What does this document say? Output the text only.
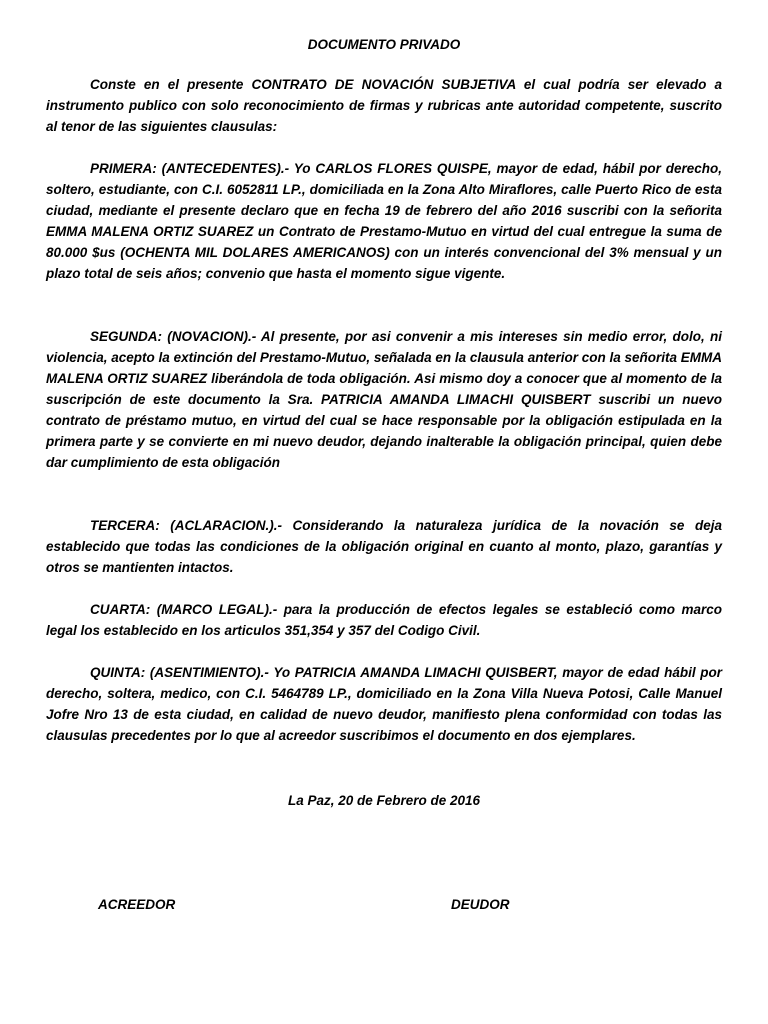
DOCUMENTO PRIVADO

Conste en el presente CONTRATO DE NOVACIÓN SUBJETIVA el cual podría ser elevado a instrumento publico con solo reconocimiento de firmas y rubricas ante autoridad competente, suscrito al tenor de las siguientes clausulas:

PRIMERA: (ANTECEDENTES).- Yo CARLOS FLORES QUISPE, mayor de edad, hábil por derecho, soltero, estudiante, con C.I. 6052811 LP., domiciliada en la Zona Alto Miraflores, calle Puerto Rico de esta ciudad, mediante el presente declaro que en fecha 19 de febrero del año 2016 suscribi con la señorita EMMA MALENA ORTIZ SUAREZ un Contrato de Prestamo-Mutuo en virtud del cual entregue la suma de 80.000 $us (OCHENTA MIL DOLARES AMERICANOS) con un interés convencional del 3% mensual y un plazo total de seis años; convenio que hasta el momento sigue vigente.

SEGUNDA: (NOVACION).- Al presente, por asi convenir a mis intereses sin medio error, dolo, ni violencia, acepto la extinción del Prestamo-Mutuo, señalada en la clausula anterior con la señorita EMMA MALENA ORTIZ SUAREZ liberándola de toda obligación. Asi mismo doy a conocer que al momento de la suscripción de este documento la Sra. PATRICIA AMANDA LIMACHI QUISBERT suscribi un nuevo contrato de préstamo mutuo, en virtud del cual se hace responsable por la obligación estipulada en la primera parte y se convierte en mi nuevo deudor, dejando inalterable la obligación principal, quien debe dar cumplimiento de esta obligación

TERCERA: (ACLARACION.).- Considerando la naturaleza jurídica de la novación se deja establecido que todas las condiciones de la obligación original en cuanto al monto, plazo, garantías y otros se mantienten intactos.

CUARTA: (MARCO LEGAL).- para la producción de efectos legales se estableció como marco legal los establecido en los articulos 351,354 y 357 del Codigo Civil.

QUINTA: (ASENTIMIENTO).- Yo PATRICIA AMANDA LIMACHI QUISBERT, mayor de edad hábil por derecho, soltera, medico, con C.I. 5464789 LP., domiciliado en la Zona Villa Nueva Potosi, Calle Manuel Jofre Nro 13 de esta ciudad, en calidad de nuevo deudor, manifiesto plena conformidad con todas las clausulas precedentes por lo que al acreedor suscribimos el documento en dos ejemplares.

La Paz, 20 de Febrero de 2016

ACREEDOR	DEUDOR
